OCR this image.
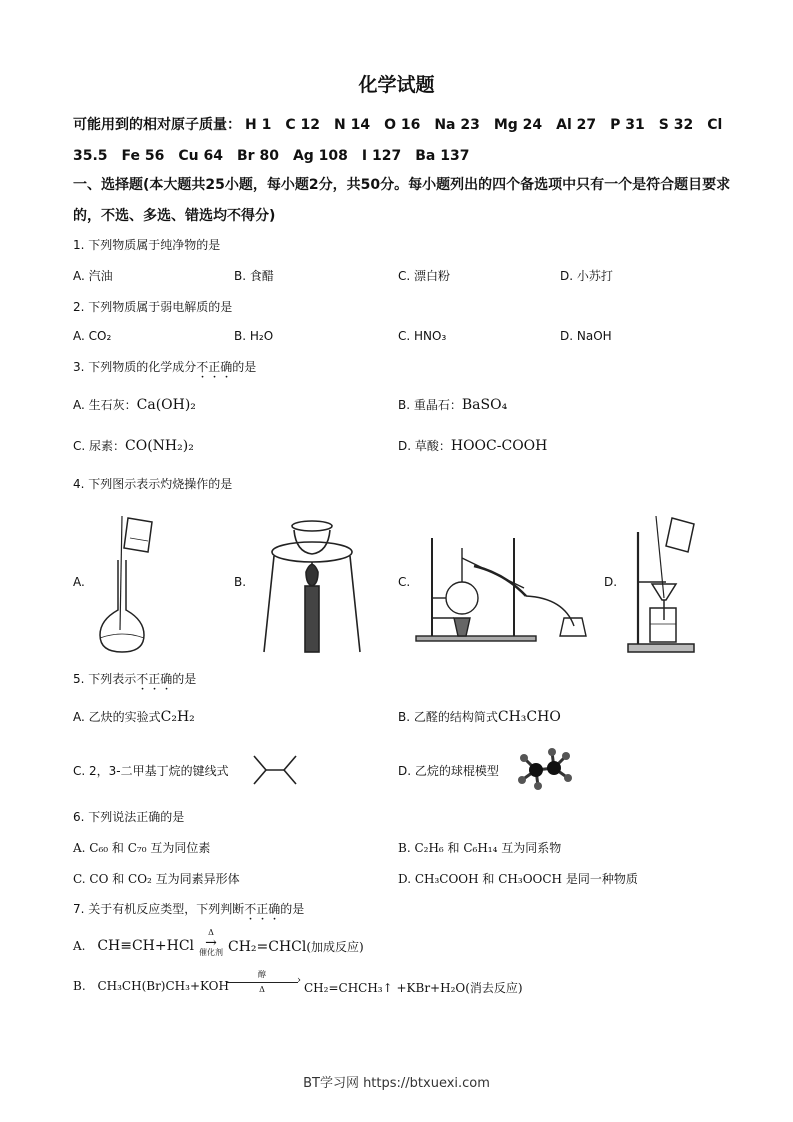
化学试题
可能用到的相对原子质量： H 1 C 12 N 14 O 16 Na 23 Mg 24 Al 27 P 31 S 32 Cl 35.5 Fe 56 Cu 64 Br 80 Ag 108 I 127 Ba 137
一、选择题(本大题共25小题，每小题2分，共50分。每小题列出的四个备选项中只有一个是符合题目要求的，不选、多选、错选均不得分)
1. 下列物质属于纯净物的是
A. 汽油	B. 食醋	C. 漂白粉	D. 小苏打
2. 下列物质属于弱电解质的是
A. CO₂	B. H₂O	C. HNO₃	D. NaOH
3. 下列物质的化学成分不正确的是
A. 生石灰：Ca(OH)₂	B. 重晶石：BaSO₄
C. 尿素：CO(NH₂)₂	D. 草酸：HOOC-COOH
4. 下列图示表示灼烧操作的是
A.	B.	C.	D.
5. 下列表示不正确的是
A. 乙炔的实验式C₂H₂	B. 乙醛的结构简式CH₃CHO
C. 2，3-二甲基丁烷的键线式	D. 乙烷的球棍模型
6. 下列说法正确的是
A. C₆₀ 和 C₇₀ 互为同位素	B. C₂H₆ 和 C₆H₁₄ 互为同系物
C. CO 和 CO₂ 互为同素异形体	D. CH₃COOH 和 CH₃OOCH 是同一种物质
7. 关于有机反应类型，下列判断不正确的是
A. CH≡CH+HCl
Δ
→
催化剂 CH₂=CHCl(加成反应)
B. CH₃CH(Br)CH₃+KOH
醇
›
Δ	CH₂=CHCH₃↑ +KBr+H₂O(消去反应)
BT学习网 https://btxuexi.com
